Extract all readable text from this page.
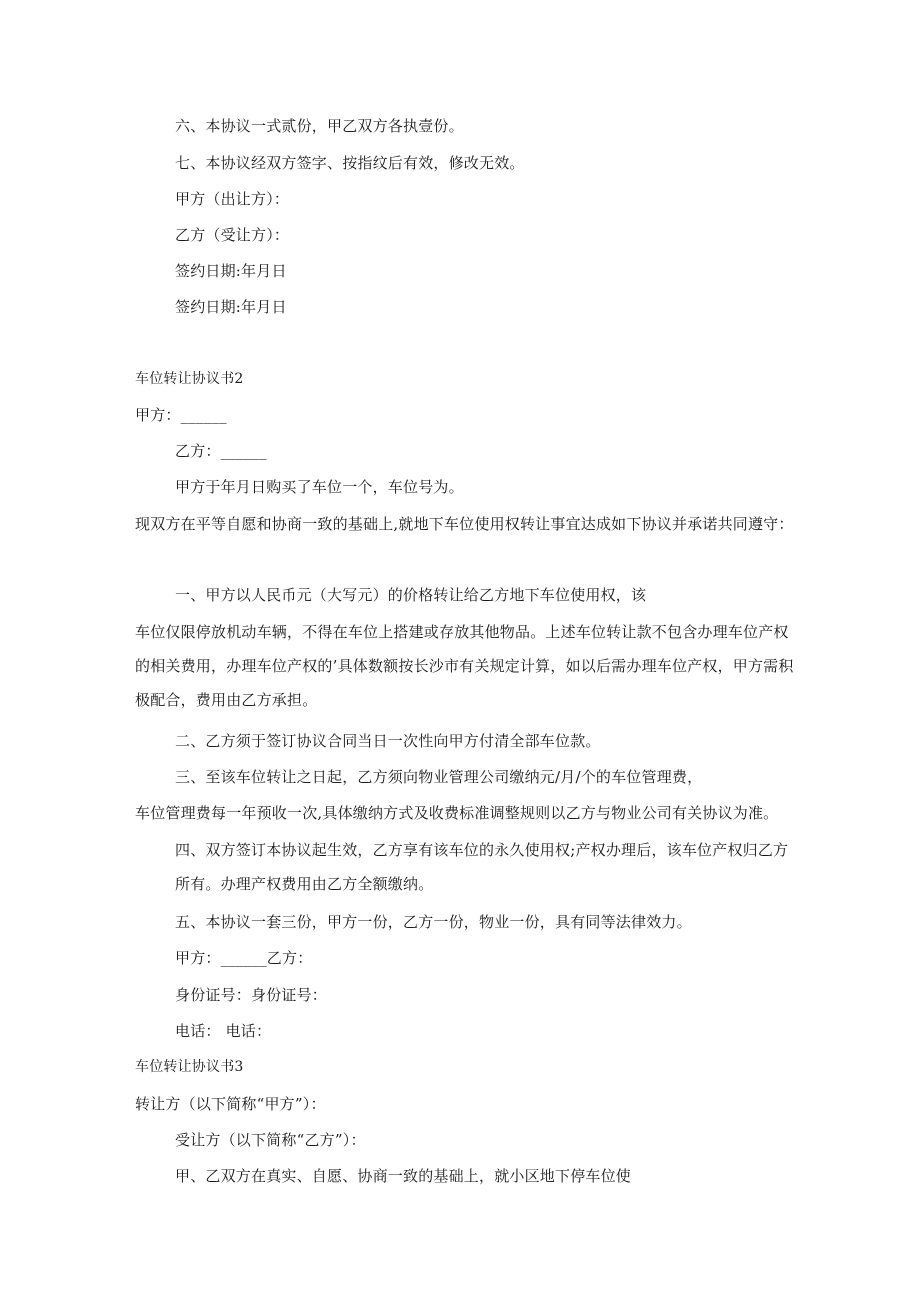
六、本协议一式贰份，甲乙双方各执壹份。

七、本协议经双方签字、按指纹后有效，修改无效。

甲方（出让方）：

乙方（受让方）：

签约日期:年月日

签约日期:年月日

车位转让协议书2

甲方：______

乙方：______

甲方于年月日购买了车位一个，车位号为。

现双方在平等自愿和协商一致的基础上,就地下车位使用权转让事宜达成如下协议并承诺共同遵守：

一、甲方以人民币元（大写元）的价格转让给乙方地下车位使用权，该

车位仅限停放机动车辆，不得在车位上搭建或存放其他物品。上述车位转让款不包含办理车位产权的相关费用，办理车位产权的’具体数额按长沙市有关规定计算，如以后需办理车位产权，甲方需积极配合，费用由乙方承担。

二、乙方须于签订协议合同当日一次性向甲方付清全部车位款。

三、至该车位转让之日起，乙方须向物业管理公司缴纳元/月/个的车位管理费，

车位管理费每一年预收一次,具体缴纳方式及收费标准调整规则以乙方与物业公司有关协议为准。

四、双方签订本协议起生效，乙方享有该车位的永久使用权;产权办理后，该车位产权归乙方所有。办理产权费用由乙方全额缴纳。

五、本协议一套三份，甲方一份，乙方一份，物业一份，具有同等法律效力。

甲方：______乙方：

身份证号：身份证号：

电话： 电话：

车位转让协议书3

转让方（以下简称“甲方”）：

受让方（以下简称“乙方”）：

甲、乙双方在真实、自愿、协商一致的基础上，就小区地下停车位使
